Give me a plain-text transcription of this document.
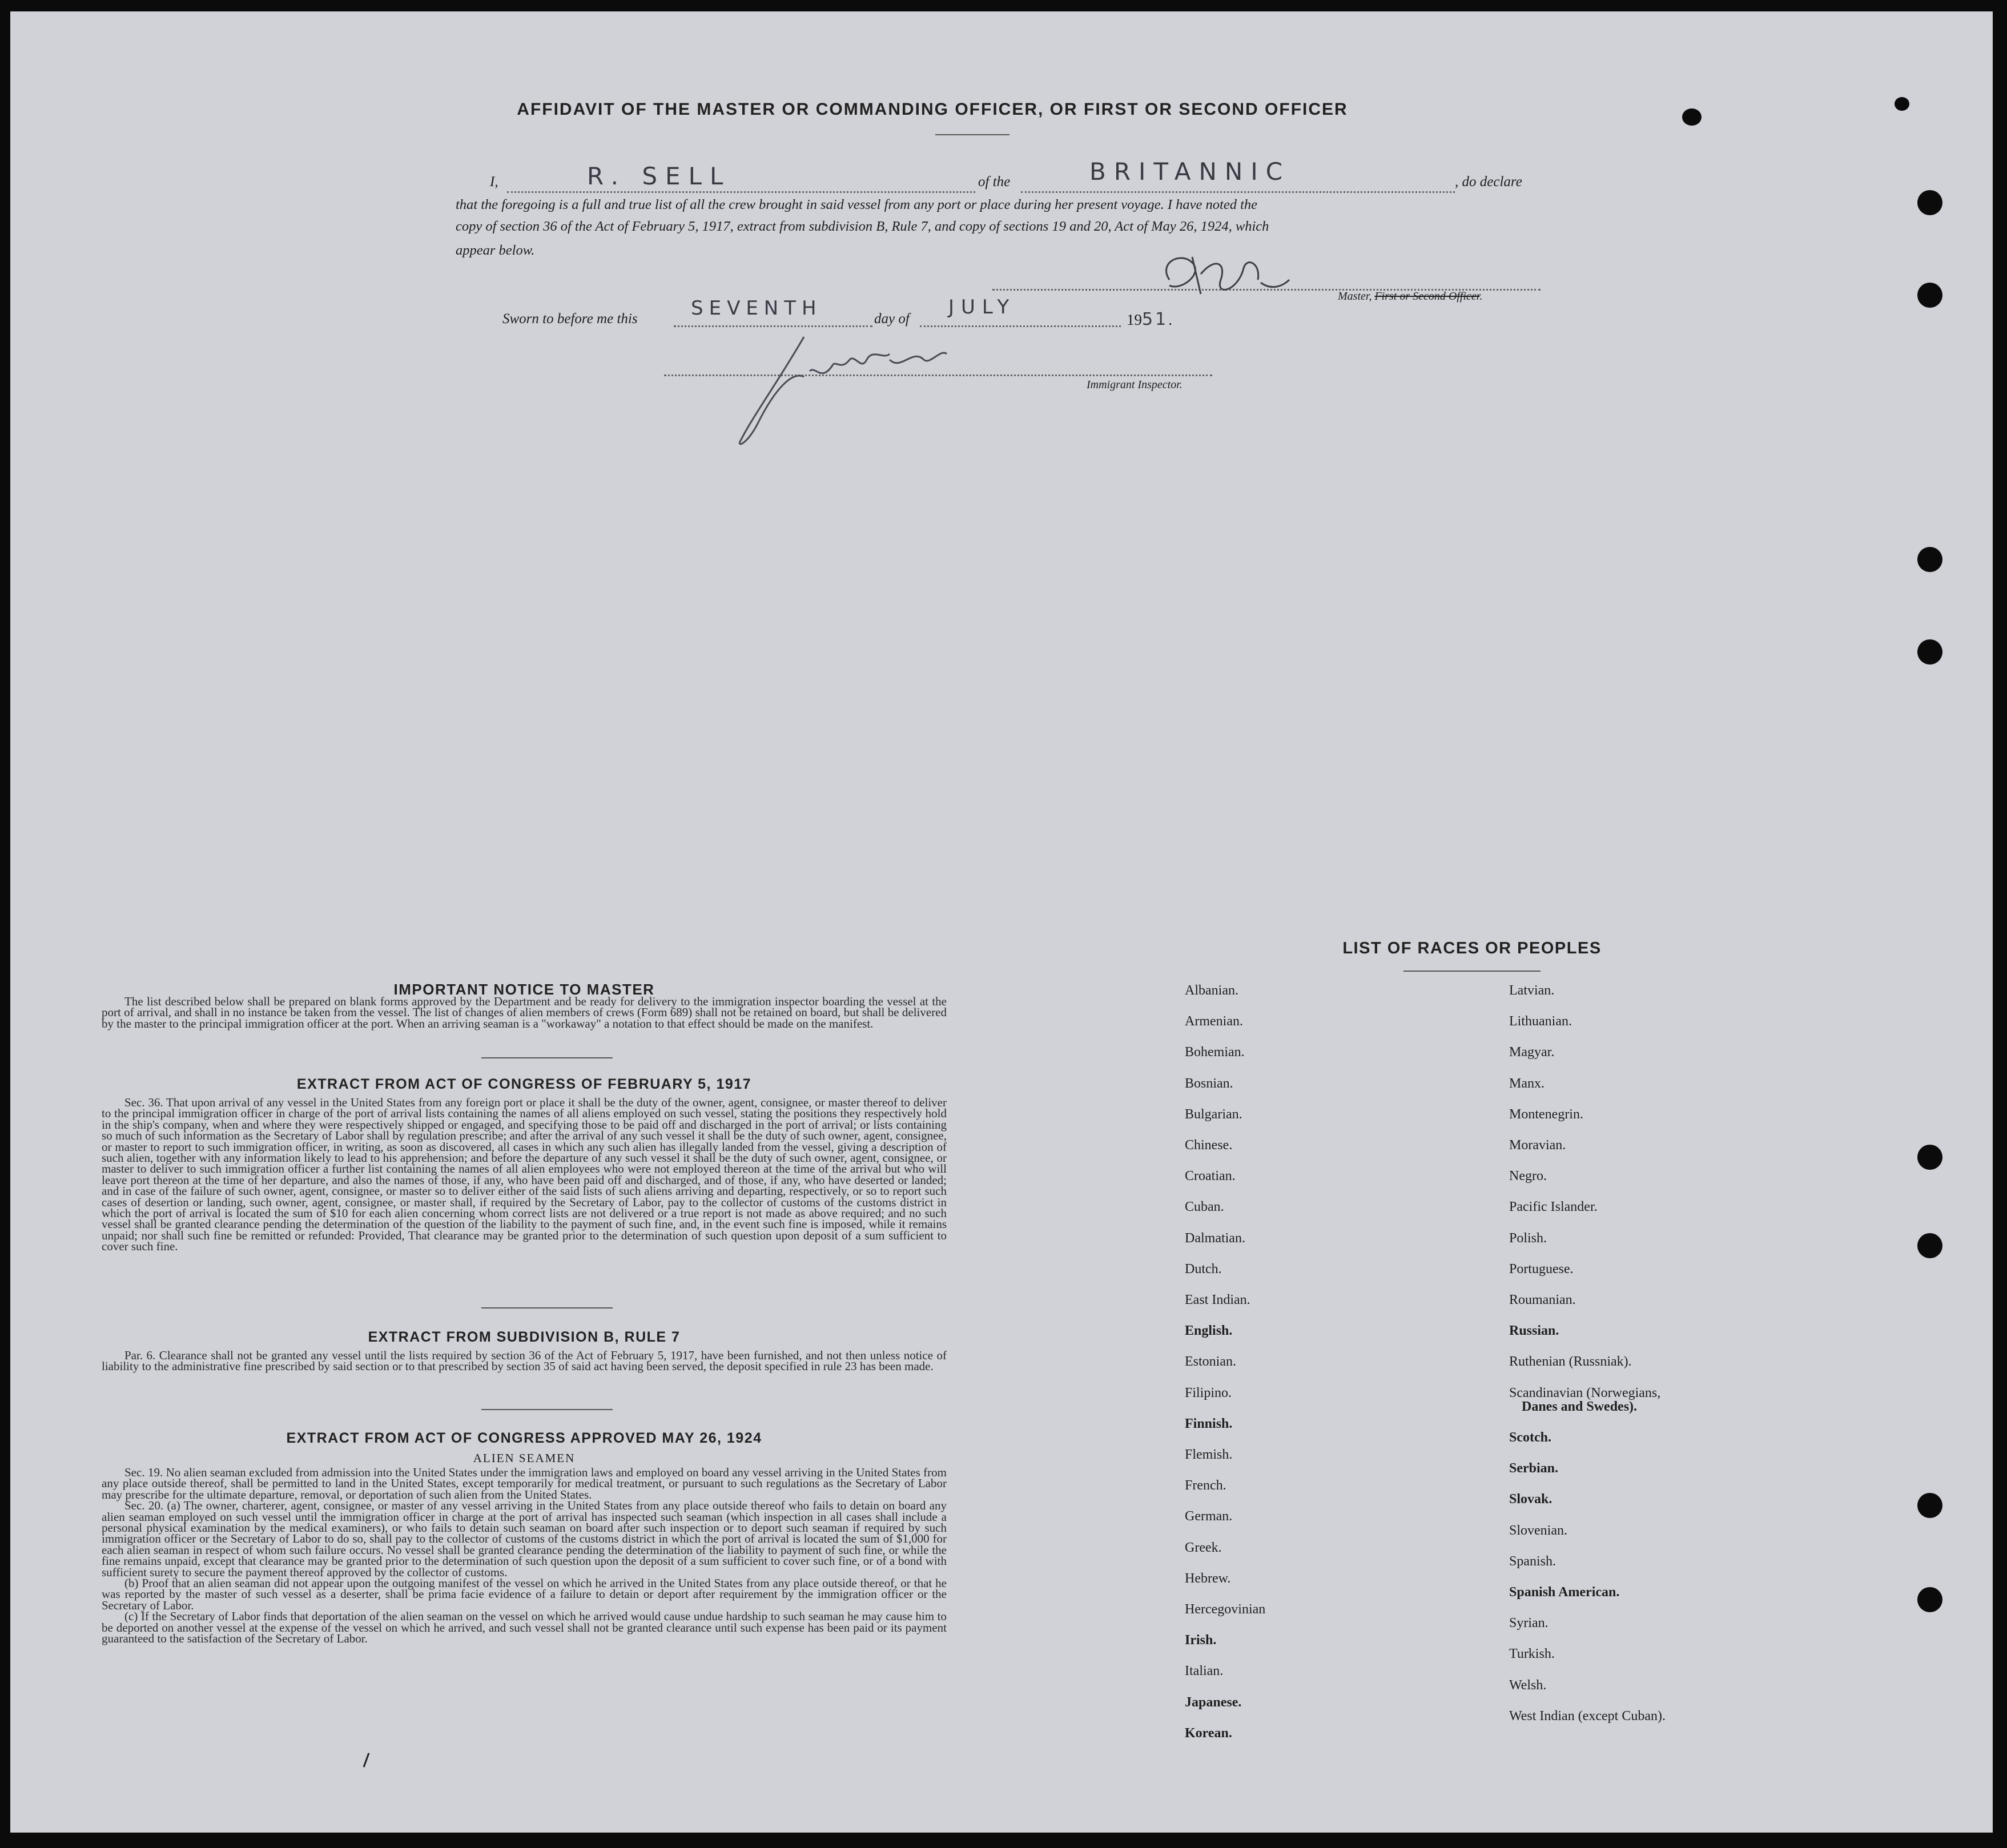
AFFIDAVIT OF THE MASTER OR COMMANDING OFFICER, OR FIRST OR SECOND OFFICER
I,	R. SELL	of the	BRITANNIC	, do declare
that the foregoing is a full and true list of all the crew brought in said vessel from any port or place during her present voyage. I have noted the
copy of section 36 of the Act of February 5, 1917, extract from subdivision B, Rule 7, and copy of sections 19 and 20, Act of May 26, 1924, which
appear below.
Master, First or Second Officer.
Sworn to before me this	SEVENTH	day of
JULY
1951.
Immigrant Inspector.
IMPORTANT NOTICE TO MASTER
The list described below shall be prepared on blank forms approved by the Department and be ready for delivery to the immigration inspector boarding the vessel at the port of arrival, and shall in no instance be taken from the vessel. The list of changes of alien members of crews (Form 689) shall not be retained on board, but shall be delivered by the master to the principal immigration officer at the port. When an arriving seaman is a "workaway" a notation to that effect should be made on the manifest.
EXTRACT FROM ACT OF CONGRESS OF FEBRUARY 5, 1917
Sec. 36. That upon arrival of any vessel in the United States from any foreign port or place it shall be the duty of the owner, agent, consignee, or master thereof to deliver to the principal immigration officer in charge of the port of arrival lists containing the names of all aliens employed on such vessel, stating the positions they respectively hold in the ship's company, when and where they were respectively shipped or engaged, and specifying those to be paid off and discharged in the port of arrival; or lists containing so much of such information as the Secretary of Labor shall by regulation prescribe; and after the arrival of any such vessel it shall be the duty of such owner, agent, consignee, or master to report to such immigration officer, in writing, as soon as discovered, all cases in which any such alien has illegally landed from the vessel, giving a description of such alien, together with any information likely to lead to his apprehension; and before the departure of any such vessel it shall be the duty of such owner, agent, consignee, or master to deliver to such immigration officer a further list containing the names of all alien employees who were not employed thereon at the time of the arrival but who will leave port thereon at the time of her departure, and also the names of those, if any, who have been paid off and discharged, and of those, if any, who have deserted or landed; and in case of the failure of such owner, agent, consignee, or master so to deliver either of the said lists of such aliens arriving and departing, respectively, or so to report such cases of desertion or landing, such owner, agent, consignee, or master shall, if required by the Secretary of Labor, pay to the collector of customs of the customs district in which the port of arrival is located the sum of $10 for each alien concerning whom correct lists are not delivered or a true report is not made as above required; and no such vessel shall be granted clearance pending the determination of the question of the liability to the payment of such fine, and, in the event such fine is imposed, while it remains unpaid; nor shall such fine be remitted or refunded: Provided, That clearance may be granted prior to the determination of such question upon deposit of a sum sufficient to cover such fine.
EXTRACT FROM SUBDIVISION B, RULE 7
Par. 6. Clearance shall not be granted any vessel until the lists required by section 36 of the Act of February 5, 1917, have been furnished, and not then unless notice of liability to the administrative fine prescribed by said section or to that prescribed by section 35 of said act having been served, the deposit specified in rule 23 has been made.
EXTRACT FROM ACT OF CONGRESS APPROVED MAY 26, 1924
ALIEN SEAMEN
Sec. 19. No alien seaman excluded from admission into the United States under the immigration laws and employed on board any vessel arriving in the United States from any place outside thereof, shall be permitted to land in the United States, except temporarily for medical treatment, or pursuant to such regulations as the Secretary of Labor may prescribe for the ultimate departure, removal, or deportation of such alien from the United States.
Sec. 20. (a) The owner, charterer, agent, consignee, or master of any vessel arriving in the United States from any place outside thereof who fails to detain on board any alien seaman employed on such vessel until the immigration officer in charge at the port of arrival has inspected such seaman (which inspection in all cases shall include a personal physical examination by the medical examiners), or who fails to detain such seaman on board after such inspection or to deport such seaman if required by such immigration officer or the Secretary of Labor to do so, shall pay to the collector of customs of the customs district in which the port of arrival is located the sum of $1,000 for each alien seaman in respect of whom such failure occurs. No vessel shall be granted clearance pending the determination of the liability to payment of such fine, or while the fine remains unpaid, except that clearance may be granted prior to the determination of such question upon the deposit of a sum sufficient to cover such fine, or of a bond with sufficient surety to secure the payment thereof approved by the collector of customs.
(b) Proof that an alien seaman did not appear upon the outgoing manifest of the vessel on which he arrived in the United States from any place outside thereof, or that he was reported by the master of such vessel as a deserter, shall be prima facie evidence of a failure to detain or deport after requirement by the immigration officer or the Secretary of Labor.
(c) If the Secretary of Labor finds that deportation of the alien seaman on the vessel on which he arrived would cause undue hardship to such seaman he may cause him to be deported on another vessel at the expense of the vessel on which he arrived, and such vessel shall not be granted clearance until such expense has been paid or its payment guaranteed to the satisfaction of the Secretary of Labor.
LIST OF RACES OR PEOPLES
Albanian.
Armenian.
Bohemian.
Bosnian.
Bulgarian.
Chinese.
Croatian.
Cuban.
Dalmatian.
Dutch.
East Indian.
English.
Estonian.
Filipino.
Finnish.
Flemish.
French.
German.
Greek.
Hebrew.
Hercegovinian
Irish.
Italian.
Japanese.
Korean.
Latvian.
Lithuanian.
Magyar.
Manx.
Montenegrin.
Moravian.
Negro.
Pacific Islander.
Polish.
Portuguese.
Roumanian.
Russian.
Ruthenian (Russniak).
Scandinavian (Norwegians,
Danes and Swedes).
Scotch.
Serbian.
Slovak.
Slovenian.
Spanish.
Spanish American.
Syrian.
Turkish.
Welsh.
West Indian (except Cuban).
